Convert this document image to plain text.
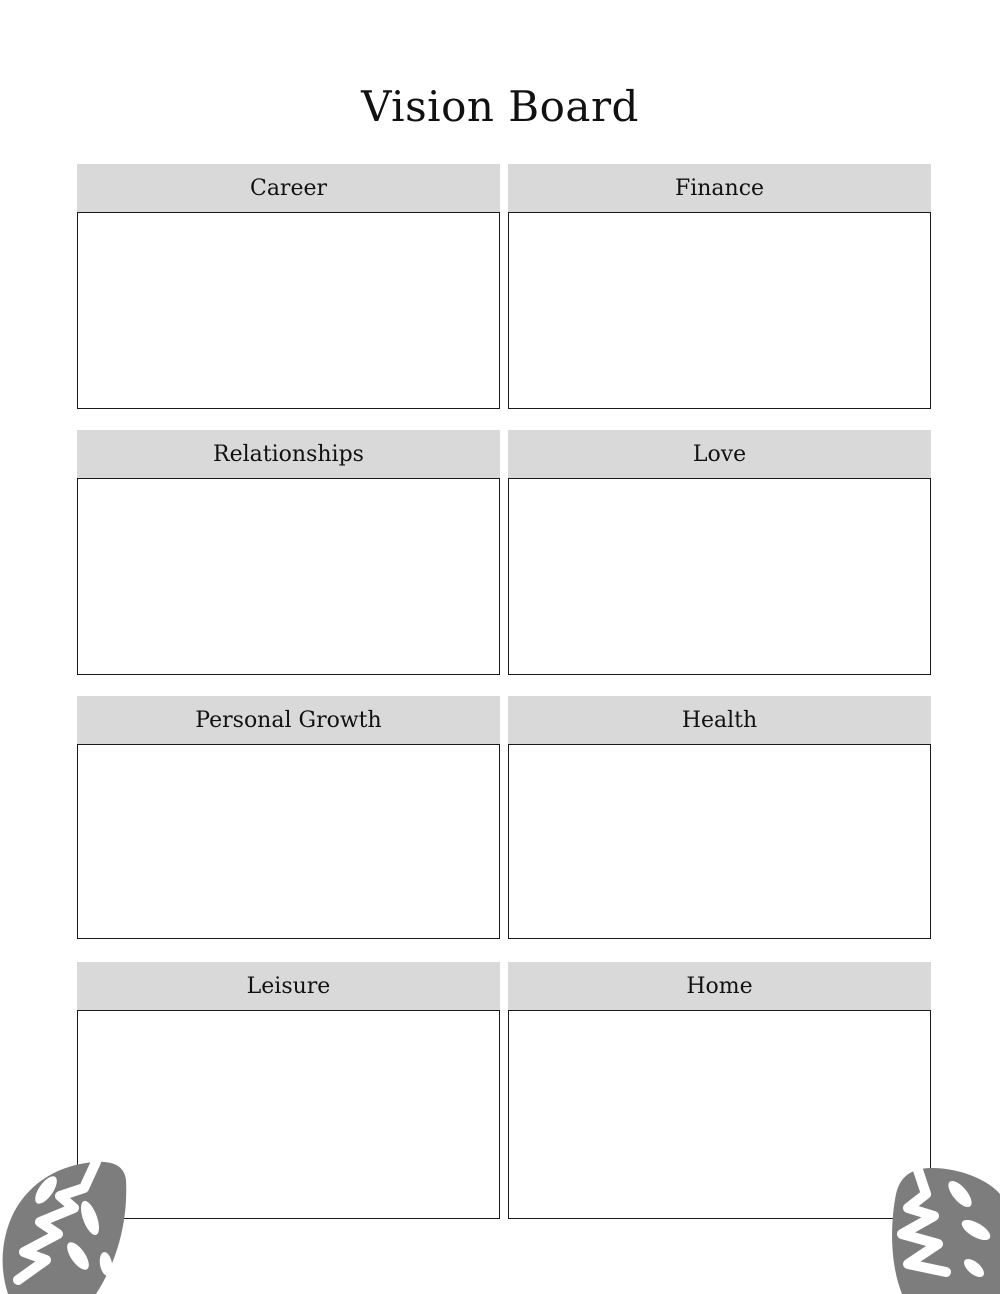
Vision Board
Career	Finance
Relationships	Love
Personal Growth	Health
Leisure	Home
